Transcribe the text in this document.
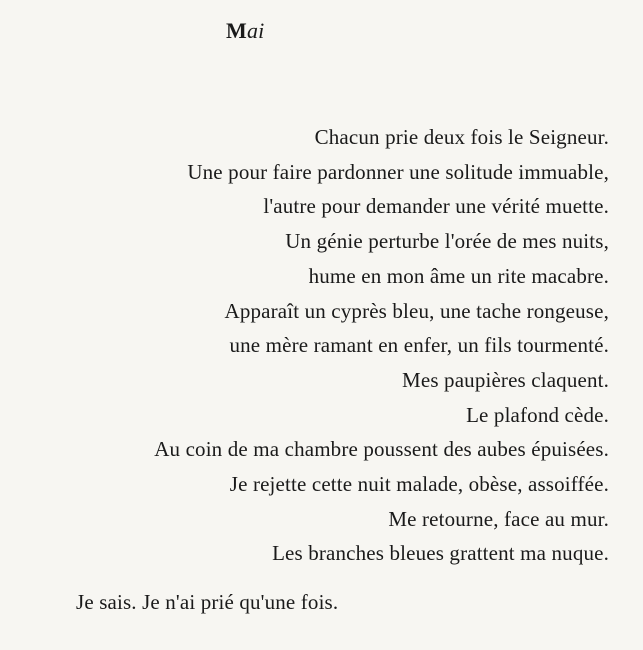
Mai
Chacun prie deux fois le Seigneur.
Une pour faire pardonner une solitude immuable,
l'autre pour demander une vérité muette.
Un génie perturbe l'orée de mes nuits,
hume en mon âme un rite macabre.
Apparaît un cyprès bleu, une tache rongeuse,
une mère ramant en enfer, un fils tourmenté.
Mes paupières claquent.
Le plafond cède.
Au coin de ma chambre poussent des aubes épuisées.
Je rejette cette nuit malade, obèse, assoiffée.
Me retourne, face au mur.
Les branches bleues grattent ma nuque.
Je sais. Je n'ai prié qu'une fois.
